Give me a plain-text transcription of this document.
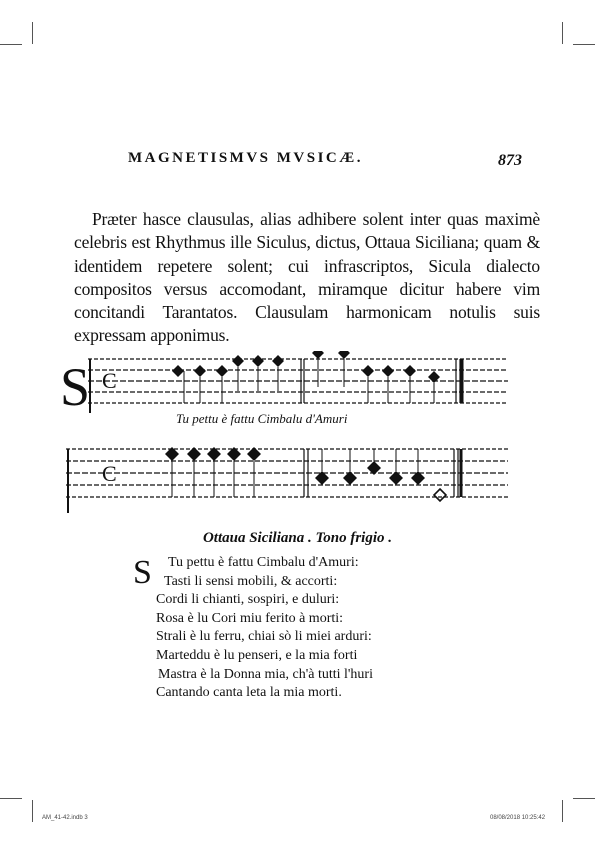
MAGNETISMVS MVSICÆ.	873
Præter hasce clausulas, alias adhibere solent inter quas maximè celebris est Rhythmus ille Siculus, dictus, Ottaua Siciliana; quam & identidem repetere solent; cui infrascriptos, Sicula dialecto compositos versus accomodant, miramque dicitur habere vim concitandi Tarantatos. Clausulam harmonicam notulis suis expressam apponimus.
S C
Tu pettu è fattu Cimbalu d'Amuri
C
Ottaua Siciliana . Tono frigio .
S	Tu pettu è fattu Cimbalu d'Amuri:
Tasti li sensi mobili, & accorti:
Cordi li chianti, sospiri, e duluri:
Rosa è lu Cori miu ferito à morti:
Strali è lu ferru, chiai sò li miei arduri:
Marteddu è lu penseri, e la mia forti
Mastra è la Donna mia, ch'à tutti l'huri
Cantando canta leta la mia morti.
AM_41-42.indb 3	08/08/2018 10:25:42
